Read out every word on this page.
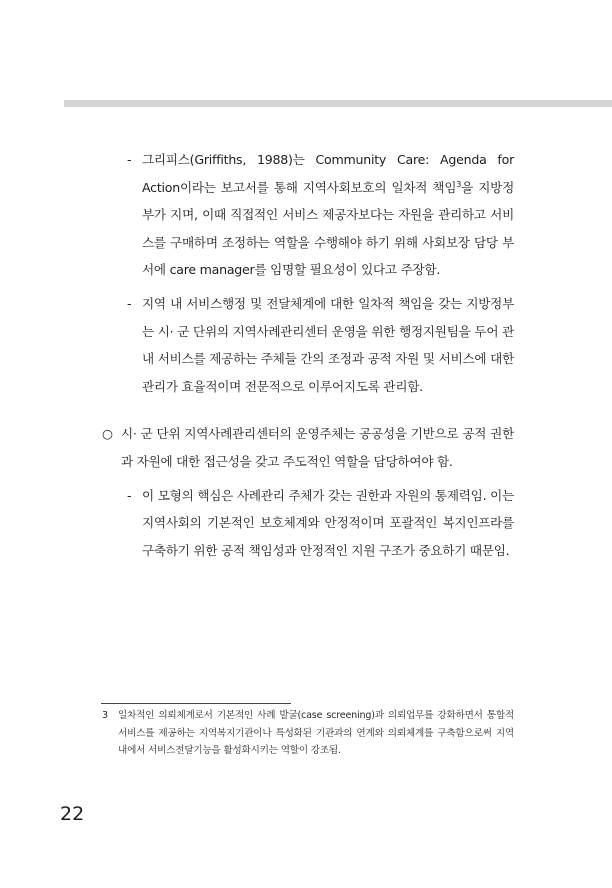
- 그리피스(Griffiths, 1988)는 Community Care: Agenda for Action이라는 보고서를 통해 지역사회보호의 일차적 책임$^3$을 지방정부가 지며, 이때 직접적인 서비스 제공자보다는 자원을 관리하고 서비스를 구매하며 조정하는 역할을 수행해야 하기 위해 사회보장 담당 부서에 care manager를 임명할 필요성이 있다고 주장함.
- 지역 내 서비스행정 및 전달체계에 대한 일차적 책임을 갖는 지방정부는 시· 군 단위의 지역사례관리센터 운영을 위한 행정지원팀을 두어 관내 서비스를 제공하는 주체들 간의 조정과 공적 자원 및 서비스에 대한 관리가 효율적이며 전문적으로 이루어지도록 관리함.
○ 시· 군 단위 지역사례관리센터의 운영주체는 공공성을 기반으로 공적 권한과 자원에 대한 접근성을 갖고 주도적인 역할을 담당하여야 함.
- 이 모형의 핵심은 사례관리 주체가 갖는 권한과 자원의 통제력임. 이는 지역사회의 기본적인 보호체계와 안정적이며 포괄적인 복지인프라를 구축하기 위한 공적 책임성과 안정적인 지원 구조가 중요하기 때문임.
3 일차적인 의뢰체계로서 기본적인 사례 발굴(case screening)과 의뢰업무를 강화하면서 통합적 서비스를 제공하는 지역복지기관이나 특성화된 기관과의 연계와 의뢰체계를 구축함으로써 지역 내에서 서비스전달기능을 활성화시키는 역할이 강조됨.
22
